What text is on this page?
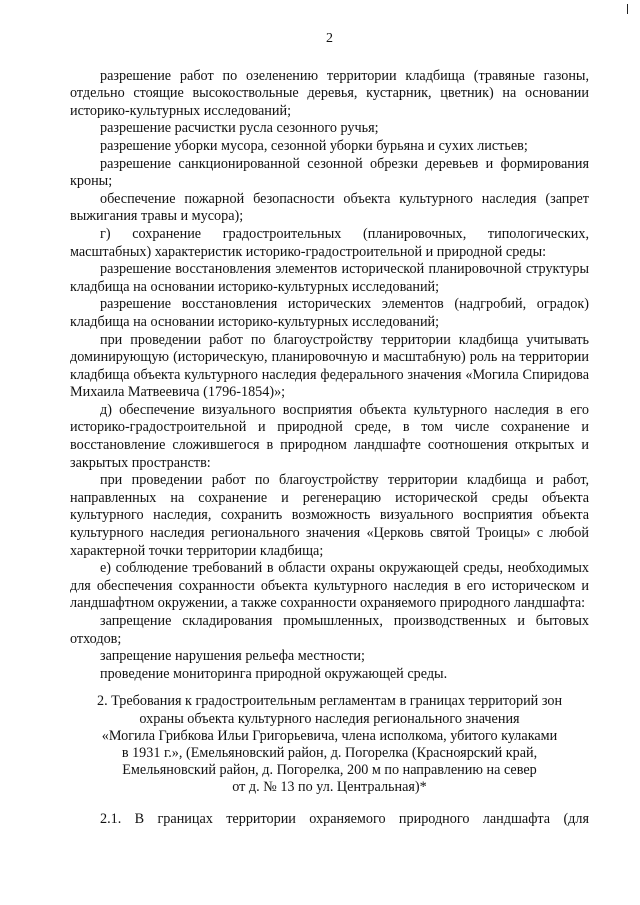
2

разрешение работ по озеленению территории кладбища (травяные газоны, отдельно стоящие высокоствольные деревья, кустарник, цветник) на основании историко-культурных исследований;

разрешение расчистки русла сезонного ручья;

разрешение уборки мусора, сезонной уборки бурьяна и сухих листьев;

разрешение санкционированной сезонной обрезки деревьев и формирования кроны;

обеспечение пожарной безопасности объекта культурного наследия (запрет выжигания травы и мусора);

г) сохранение градостроительных (планировочных, типологических, масштабных) характеристик историко-градостроительной и природной среды:

разрешение восстановления элементов исторической планировочной структуры кладбища на основании историко-культурных исследований;

разрешение восстановления исторических элементов (надгробий, оградок) кладбища на основании историко-культурных исследований;

при проведении работ по благоустройству территории кладбища учитывать доминирующую (историческую, планировочную и масштабную) роль на территории кладбища объекта культурного наследия федерального значения «Могила Спиридова Михаила Матвеевича (1796-1854)»;

д) обеспечение визуального восприятия объекта культурного наследия в его историко-градостроительной и природной среде, в том числе сохранение и восстановление сложившегося в природном ландшафте соотношения открытых и закрытых пространств:

при проведении работ по благоустройству территории кладбища и работ, направленных на сохранение и регенерацию исторической среды объекта культурного наследия, сохранить возможность визуального восприятия объекта культурного наследия регионального значения «Церковь святой Троицы» с любой характерной точки территории кладбища;

е) соблюдение требований в области охраны окружающей среды, необходимых для обеспечения сохранности объекта культурного наследия в его историческом и ландшафтном окружении, а также сохранности охраняемого природного ландшафта:

запрещение складирования промышленных, производственных и бытовых отходов;

запрещение нарушения рельефа местности;

проведение мониторинга природной окружающей среды.

2. Требования к градостроительным регламентам в границах территорий зон
охраны объекта культурного наследия регионального значения
«Могила Грибкова Ильи Григорьевича, члена исполкома, убитого кулаками
в 1931 г.», (Емельяновский район, д. Погорелка (Красноярский край,
Емельяновский район, д. Погорелка, 200 м по направлению на север
от д. № 13 по ул. Центральная)*

2.1. В границах территории охраняемого природного ландшафта (для
